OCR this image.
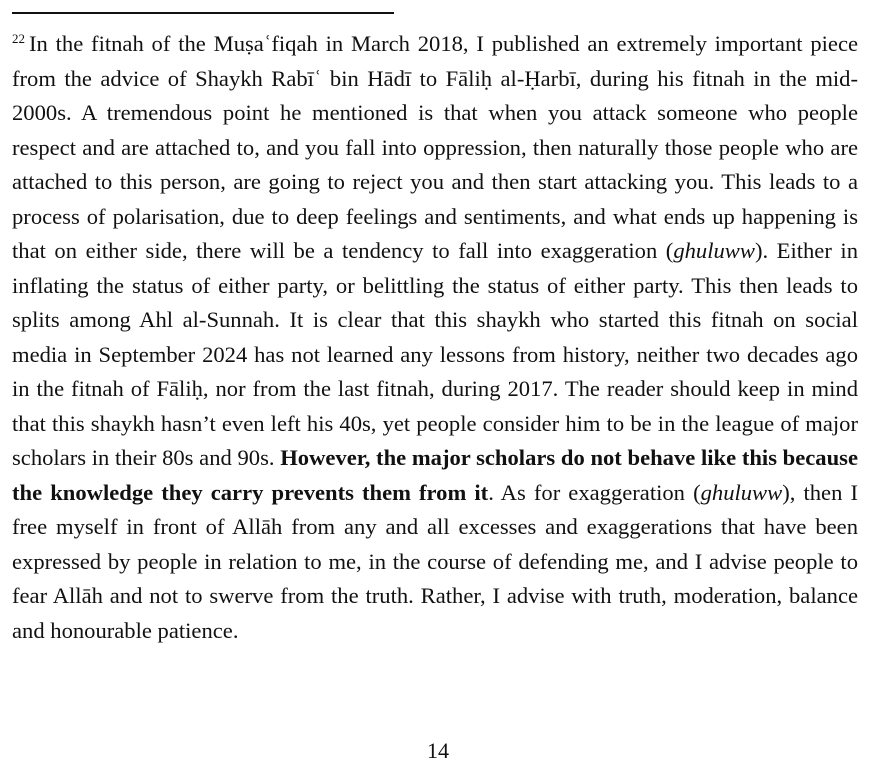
$^{22}$ In the fitnah of the Muṣaʿfiqah in March 2018, I published an extremely important piece from the advice of Shaykh Rabīʿ bin Hādī to Fāliḥ al-Ḥarbī, during his fitnah in the mid-2000s. A tremendous point he mentioned is that when you attack someone who people respect and are attached to, and you fall into oppression, then naturally those people who are attached to this person, are going to reject you and then start attacking you. This leads to a process of polarisation, due to deep feelings and sentiments, and what ends up happening is that on either side, there will be a tendency to fall into exaggeration (ghuluww). Either in inflating the status of either party, or belittling the status of either party. This then leads to splits among Ahl al-Sunnah. It is clear that this shaykh who started this fitnah on social media in September 2024 has not learned any lessons from history, neither two decades ago in the fitnah of Fāliḥ, nor from the last fitnah, during 2017. The reader should keep in mind that this shaykh hasn’t even left his 40s, yet people consider him to be in the league of major scholars in their 80s and 90s. However, the major scholars do not behave like this because the knowledge they carry prevents them from it. As for exaggeration (ghuluww), then I free myself in front of Allāh from any and all excesses and exaggerations that have been expressed by people in relation to me, in the course of defending me, and I advise people to fear Allāh and not to swerve from the truth. Rather, I advise with truth, moderation, balance and honourable patience.

14
